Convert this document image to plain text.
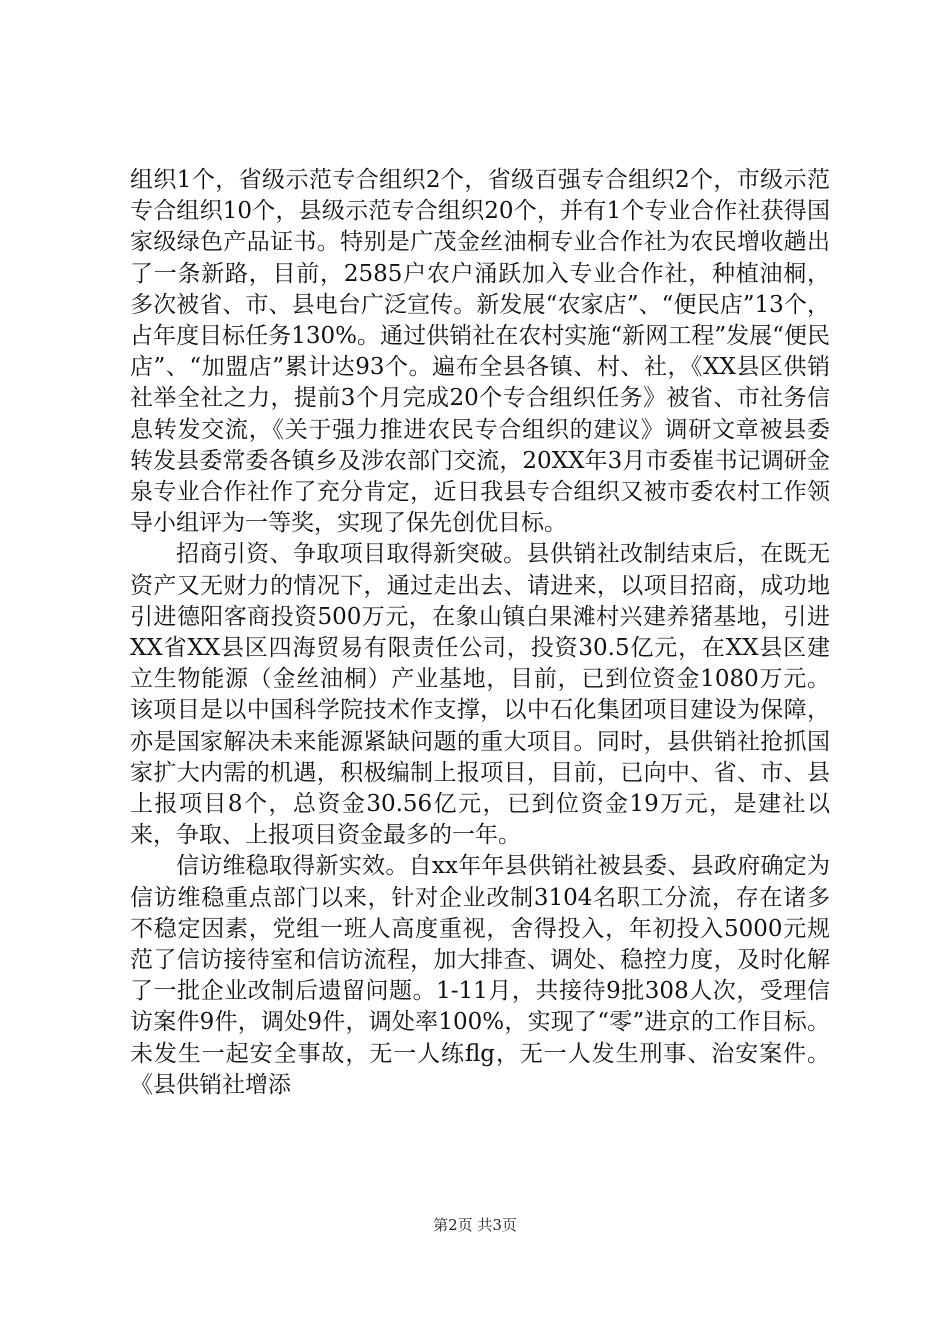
组织1个，省级示范专合组织2个，省级百强专合组织2个，市级示范专合组织10个，县级示范专合组织20个，并有1个专业合作社获得国家级绿色产品证书。特别是广茂金丝油桐专业合作社为农民增收趟出了一条新路，目前，2585户农户涌跃加入专业合作社，种植油桐，多次被省、市、县电台广泛宣传。新发展“农家店”、“便民店”13个，占年度目标任务130%。通过供销社在农村实施“新网工程”发展“便民店”、“加盟店”累计达93个。遍布全县各镇、村、社，《XX县区供销社举全社之力，提前3个月完成20个专合组织任务》被省、市社务信息转发交流，《关于强力推进农民专合组织的建议》调研文章被县委转发县委常委各镇乡及涉农部门交流，20XX年3月市委崔书记调研金泉专业合作社作了充分肯定，近日我县专合组织又被市委农村工作领导小组评为一等奖，实现了保先创优目标。

招商引资、争取项目取得新突破。县供销社改制结束后，在既无资产又无财力的情况下，通过走出去、请进来，以项目招商，成功地引进德阳客商投资500万元，在象山镇白果滩村兴建养猪基地，引进XX省XX县区四海贸易有限责任公司，投资30.5亿元，在XX县区建立生物能源（金丝油桐）产业基地，目前，已到位资金1080万元。该项目是以中国科学院技术作支撑，以中石化集团项目建设为保障，亦是国家解决未来能源紧缺问题的重大项目。同时，县供销社抢抓国家扩大内需的机遇，积极编制上报项目，目前，已向中、省、市、县上报项目8个，总资金30.56亿元，已到位资金19万元，是建社以来，争取、上报项目资金最多的一年。

信访维稳取得新实效。自xx年年县供销社被县委、县政府确定为信访维稳重点部门以来，针对企业改制3104名职工分流，存在诸多不稳定因素，党组一班人高度重视，舍得投入，年初投入5000元规范了信访接待室和信访流程，加大排查、调处、稳控力度，及时化解了一批企业改制后遗留问题。1-11月，共接待9批308人次，受理信访案件9件，调处9件，调处率100%，实现了“零”进京的工作目标。未发生一起安全事故，无一人练flg，无一人发生刑事、治安案件。《县供销社增添

第2页 共3页
